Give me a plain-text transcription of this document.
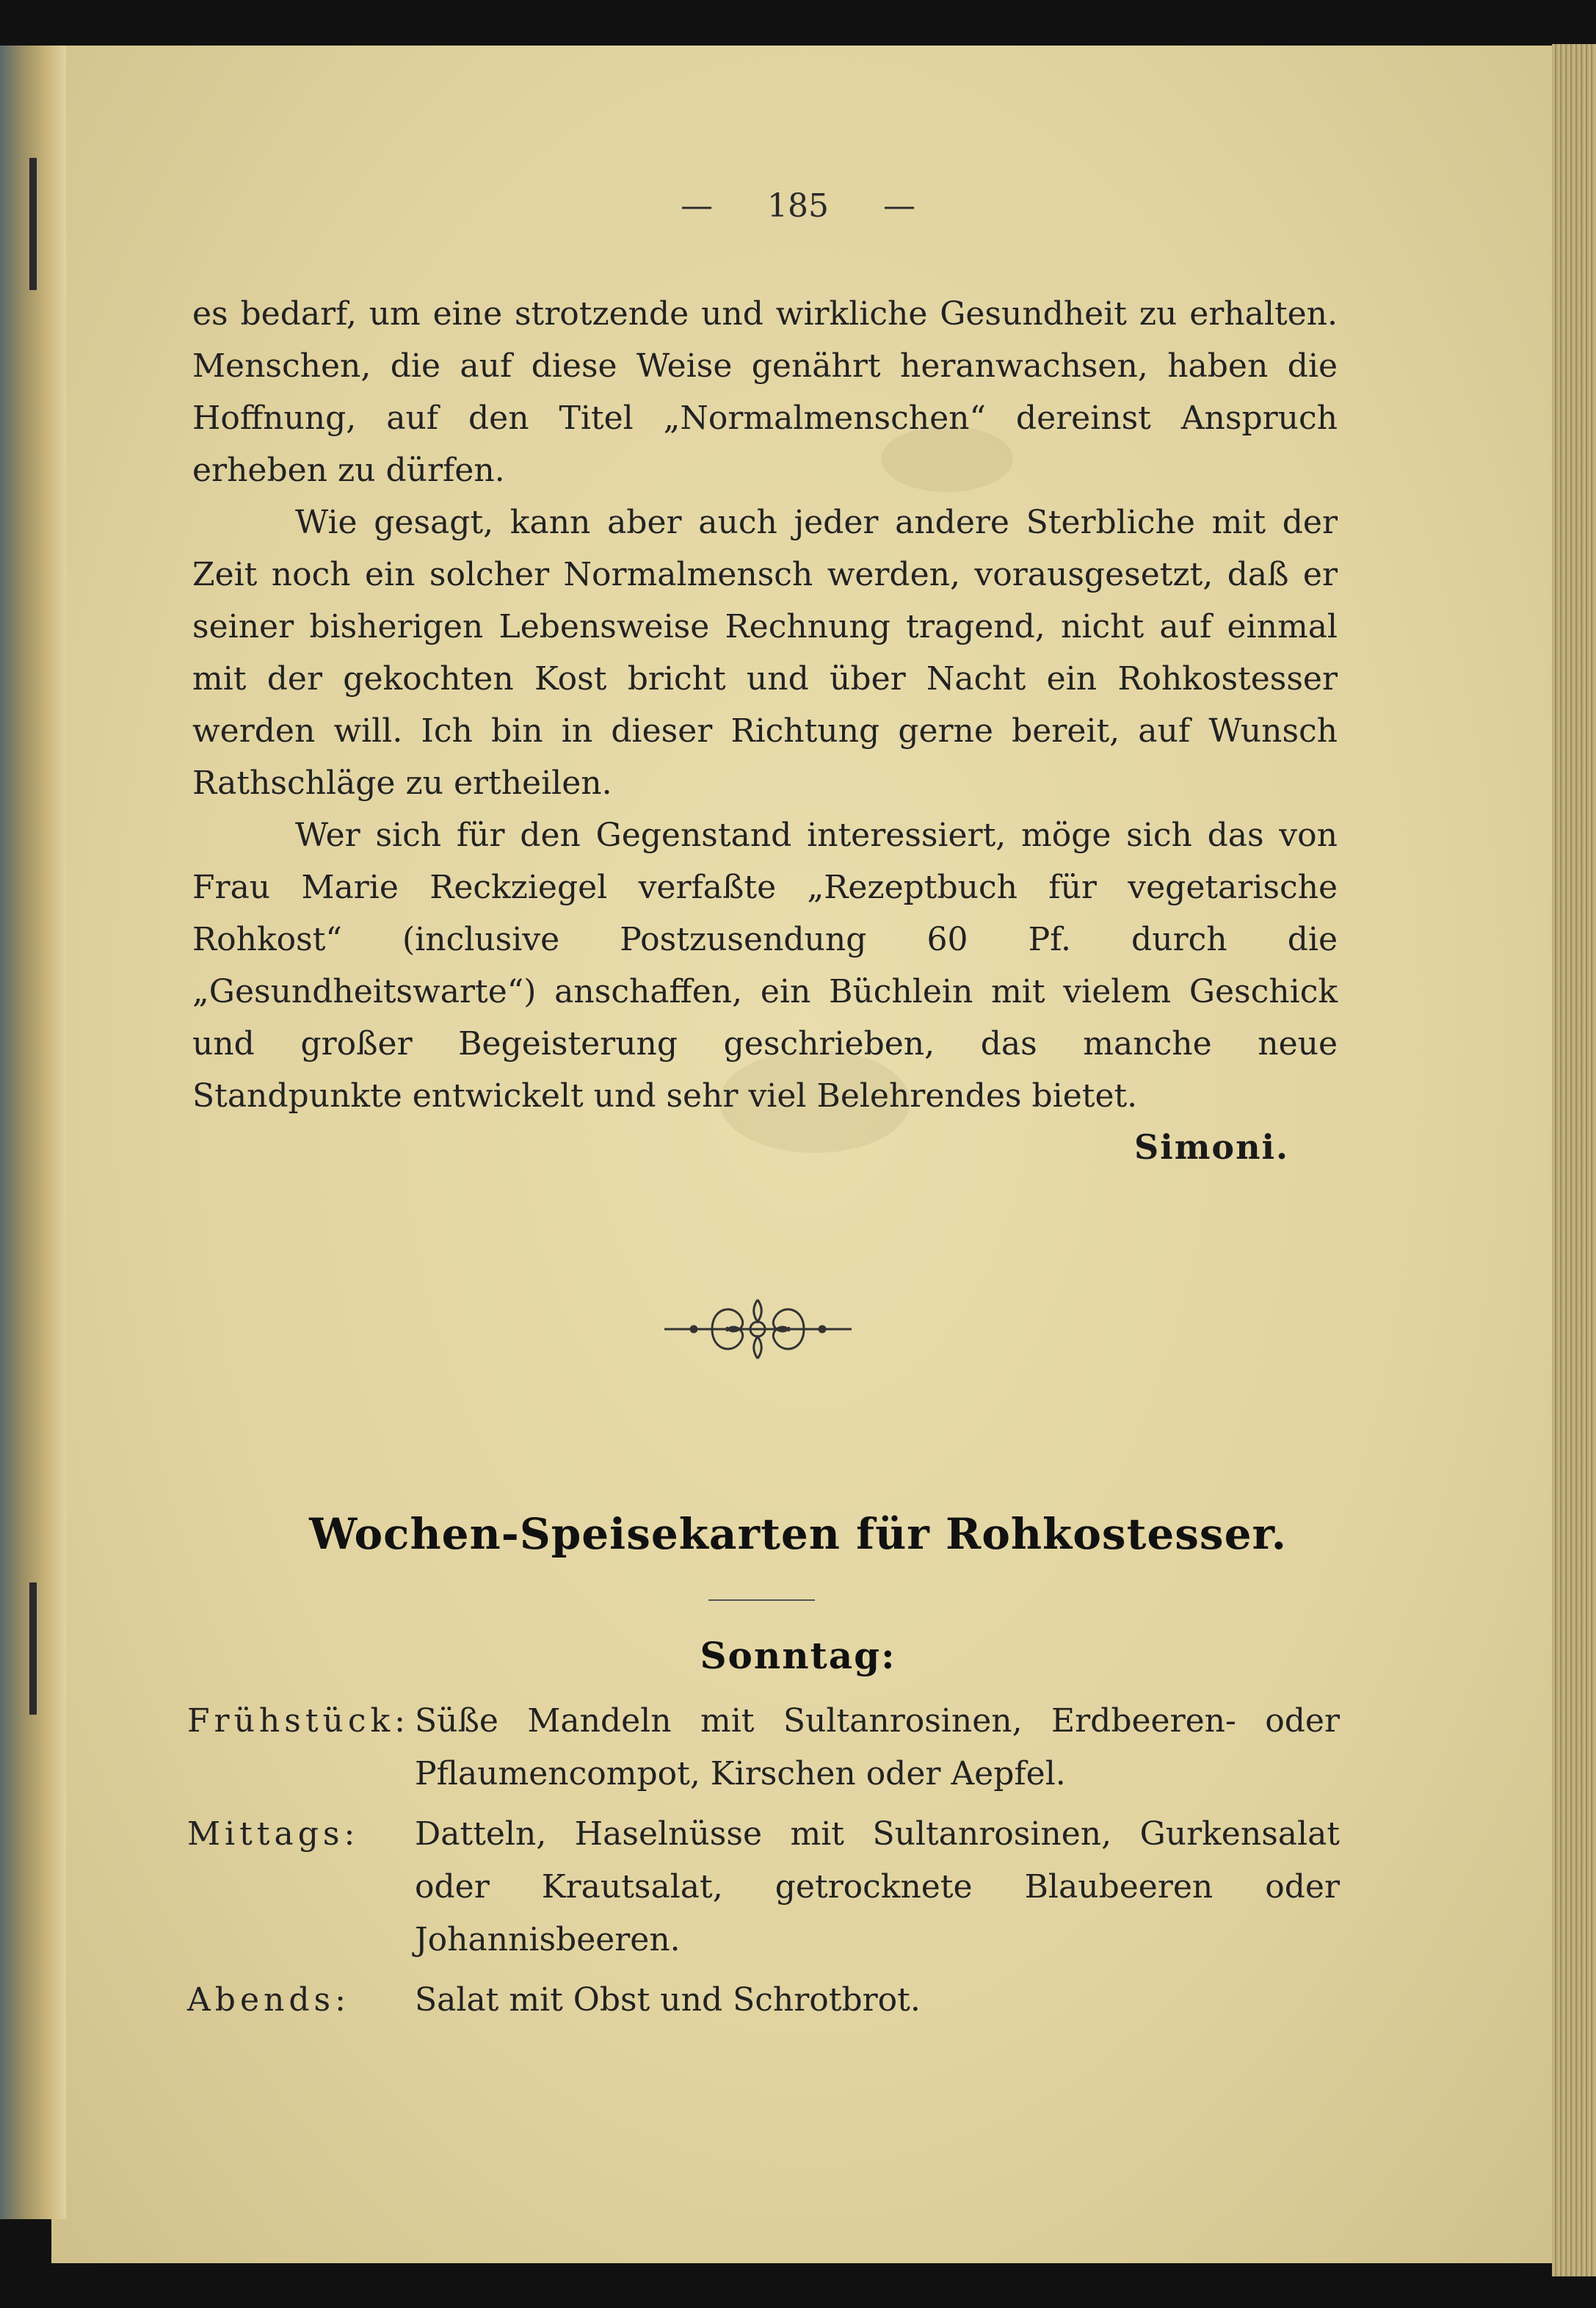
— 185 —

es bedarf, um eine strotzende und wirkliche Gesundheit zu erhalten. Menschen, die auf diese Weise genährt heranwachsen, haben die Hoffnung, auf den Titel „Normalmenschen“ dereinst Anspruch erheben zu dürfen.

Wie gesagt, kann aber auch jeder andere Sterbliche mit der Zeit noch ein solcher Normalmensch werden, vorausgesetzt, daß er seiner bisherigen Lebensweise Rechnung tragend, nicht auf einmal mit der gekochten Kost bricht und über Nacht ein Rohkostesser werden will. Ich bin in dieser Richtung gerne bereit, auf Wunsch Rathschläge zu ertheilen.

Wer sich für den Gegenstand interessiert, möge sich das von Frau Marie Reckziegel verfaßte „Rezeptbuch für vegetarische Rohkost“ (inclusive Postzusendung 60 Pf. durch die „Gesundheitswarte“) anschaffen, ein Büchlein mit vielem Geschick und großer Begeisterung geschrieben, das manche neue Standpunkte entwickelt und sehr viel Belehrendes bietet.

Simoni.
Wochen-Speisekarten für Rohkostesser.
Sonntag:
Frühstück: Süße Mandeln mit Sultanrosinen, Erdbeeren- oder Pflaumencompot, Kirschen oder Aepfel.
Mittags:	Datteln, Haselnüsse mit Sultanrosinen, Gurkensalat oder Krautsalat, getrocknete Blaubeeren oder Johannisbeeren.
Abends:	Salat mit Obst und Schrotbrot.
